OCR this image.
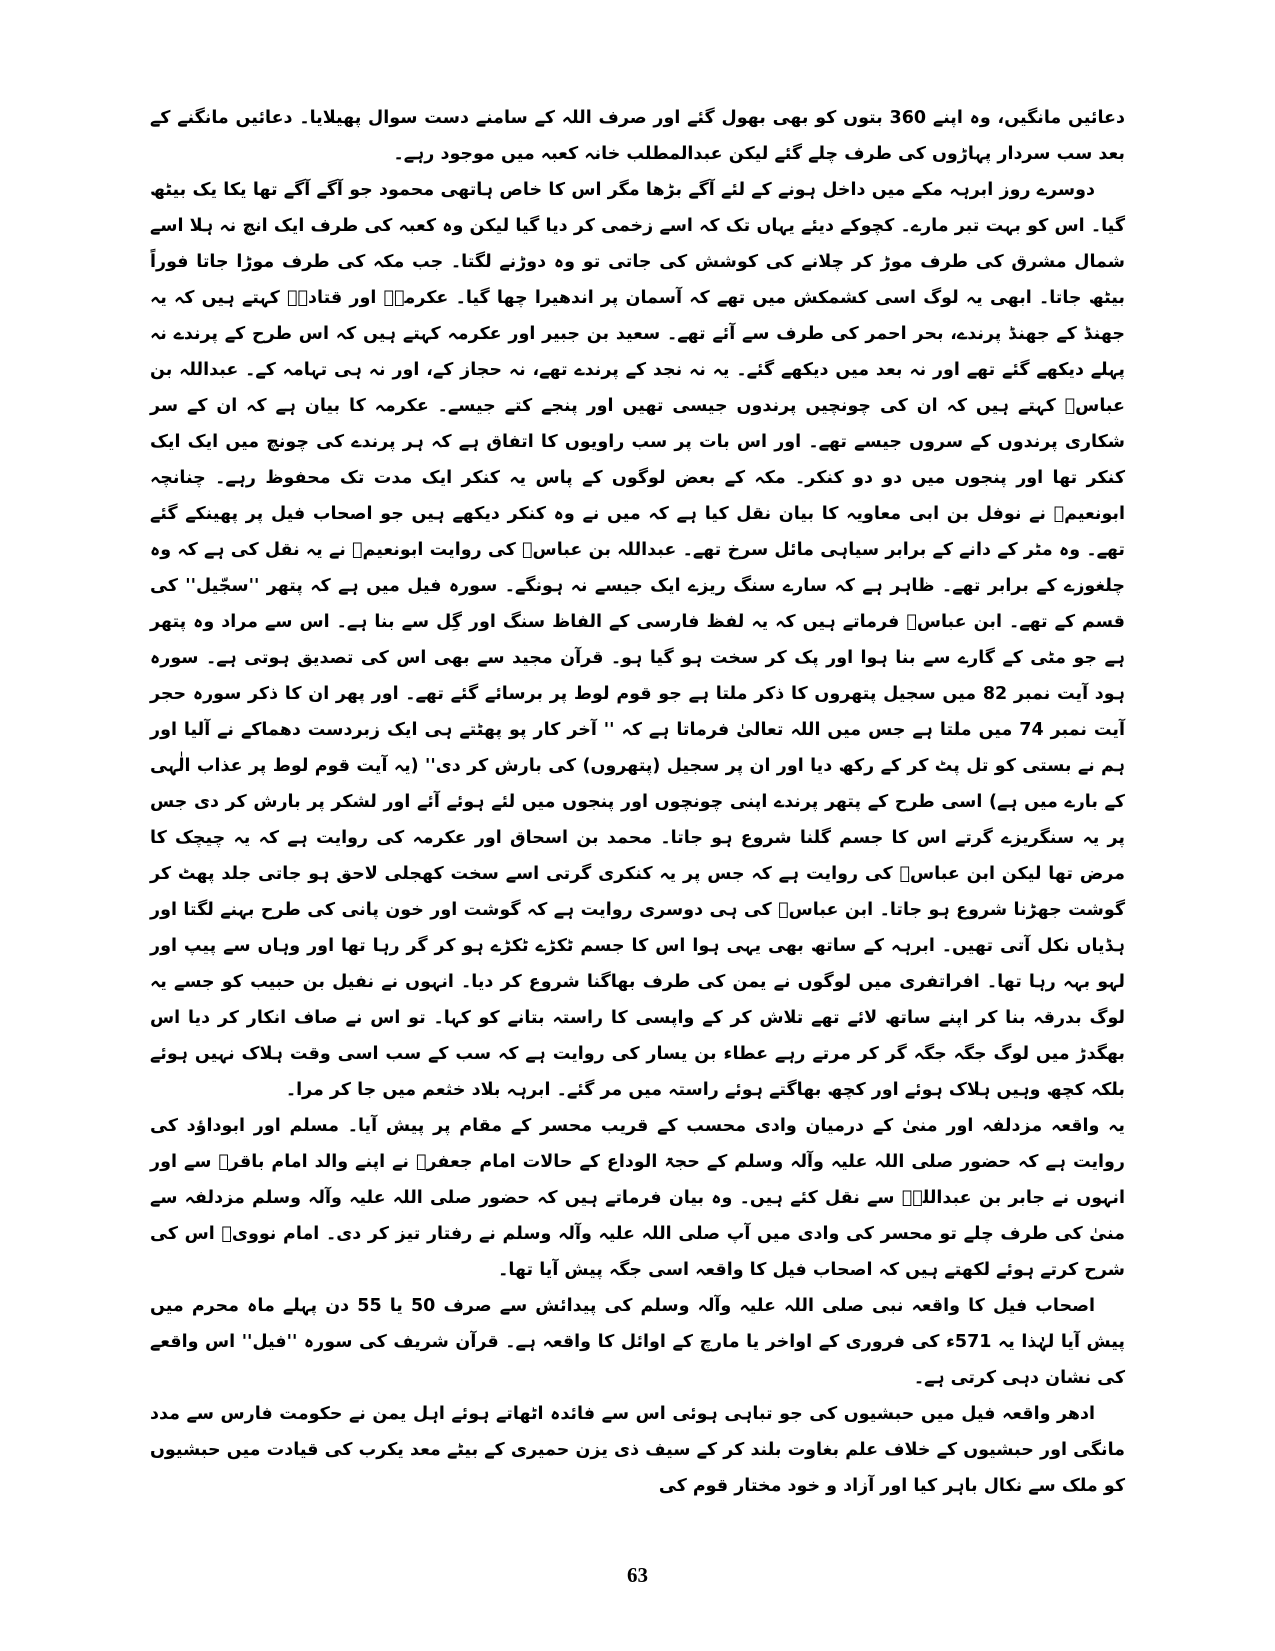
دعائیں مانگیں، وہ اپنے 360 بتوں کو بھی بھول گئے اور صرف اللہ کے سامنے دست سوال پھیلایا۔ دعائیں مانگنے کے بعد سب سردار پہاڑوں کی طرف چلے گئے لیکن عبدالمطلب خانہ کعبہ میں موجود رہے۔

دوسرے روز ابرہہ مکے میں داخل ہونے کے لئے آگے بڑھا مگر اس کا خاص ہاتھی محمود جو آگے آگے تھا یکا یک بیٹھ گیا۔ اس کو بہت تبر مارے۔ کچوکے دیئے یہاں تک کہ اسے زخمی کر دیا گیا لیکن وہ کعبہ کی طرف ایک انچ نہ ہلا اسے شمال مشرق کی طرف موڑ کر چلانے کی کوشش کی جاتی تو وہ دوڑنے لگتا۔ جب مکہ کی طرف موڑا جاتا فوراً بیٹھ جاتا۔ ابھی یہ لوگ اسی کشمکش میں تھے کہ آسمان پر اندھیرا چھا گیا۔ عکرمہؓ اور قتادہؓ کہتے ہیں کہ یہ جھنڈ کے جھنڈ پرندے، بحر احمر کی طرف سے آئے تھے۔ سعید بن جبیر اور عکرمہ کہتے ہیں کہ اس طرح کے پرندے نہ پہلے دیکھے گئے تھے اور نہ بعد میں دیکھے گئے۔ یہ نہ نجد کے پرندے تھے، نہ حجاز کے، اور نہ ہی تہامہ کے۔ عبداللہ بن عباسؓ کہتے ہیں کہ ان کی چونچیں پرندوں جیسی تھیں اور پنجے کتے جیسے۔ عکرمہ کا بیان ہے کہ ان کے سر شکاری پرندوں کے سروں جیسے تھے۔ اور اس بات پر سب راویوں کا اتفاق ہے کہ ہر پرندے کی چونچ میں ایک ایک کنکر تھا اور پنجوں میں دو دو کنکر۔ مکہ کے بعض لوگوں کے پاس یہ کنکر ایک مدت تک محفوظ رہے۔ چنانچہ ابونعیمؒ نے نوفل بن ابی معاویہ کا بیان نقل کیا ہے کہ میں نے وہ کنکر دیکھے ہیں جو اصحاب فیل پر پھینکے گئے تھے۔ وہ مٹر کے دانے کے برابر سیاہی مائل سرخ تھے۔ عبداللہ بن عباسؓ کی روایت ابونعیمؒ نے یہ نقل کی ہے کہ وہ چلغوزے کے برابر تھے۔ ظاہر ہے کہ سارے سنگ ریزے ایک جیسے نہ ہونگے۔ سورہ فیل میں ہے کہ پتھر ''سجّیل'' کی قسم کے تھے۔ ابن عباسؓ فرماتے ہیں کہ یہ لفظ فارسی کے الفاظ سنگ اور گِل سے بنا ہے۔ اس سے مراد وہ پتھر ہے جو مٹی کے گارے سے بنا ہوا اور پک کر سخت ہو گیا ہو۔ قرآن مجید سے بھی اس کی تصدیق ہوتی ہے۔ سورہ ہود آیت نمبر 82 میں سجیل پتھروں کا ذکر ملتا ہے جو قوم لوط پر برسائے گئے تھے۔ اور پھر ان کا ذکر سورہ حجر آیت نمبر 74 میں ملتا ہے جس میں اللہ تعالیٰ فرماتا ہے کہ '' آخر کار پو پھٹتے ہی ایک زبردست دھماکے نے آلیا اور ہم نے بستی کو تل پٹ کر کے رکھ دیا اور ان پر سجیل (پتھروں) کی بارش کر دی'' (یہ آیت قوم لوط پر عذاب الٰہی کے بارے میں ہے) اسی طرح کے پتھر پرندے اپنی چونچوں اور پنجوں میں لئے ہوئے آئے اور لشکر پر بارش کر دی جس پر یہ سنگریزے گرتے اس کا جسم گلنا شروع ہو جاتا۔ محمد بن اسحاق اور عکرمہ کی روایت ہے کہ یہ چیچک کا مرض تھا لیکن ابن عباسؓ کی روایت ہے کہ جس پر یہ کنکری گرتی اسے سخت کھجلی لاحق ہو جاتی جلد پھٹ کر گوشت جھڑنا شروع ہو جاتا۔ ابن عباسؓ کی ہی دوسری روایت ہے کہ گوشت اور خون پانی کی طرح بہنے لگتا اور ہڈیاں نکل آتی تھیں۔ ابرہہ کے ساتھ بھی یہی ہوا اس کا جسم ٹکڑے ٹکڑے ہو کر گر رہا تھا اور وہاں سے پیپ اور لہو بہہ رہا تھا۔ افراتفری میں لوگوں نے یمن کی طرف بھاگنا شروع کر دیا۔ انہوں نے نفیل بن حبیب کو جسے یہ لوگ بدرقہ بنا کر اپنے ساتھ لائے تھے تلاش کر کے واپسی کا راستہ بتانے کو کہا۔ تو اس نے صاف انکار کر دیا اس بھگدڑ میں لوگ جگہ جگہ گر کر مرتے رہے عطاء بن یسار کی روایت ہے کہ سب کے سب اسی وقت ہلاک نہیں ہوئے بلکہ کچھ وہیں ہلاک ہوئے اور کچھ بھاگتے ہوئے راستہ میں مر گئے۔ ابرہہ بلاد خثعم میں جا کر مرا۔

یہ واقعہ مزدلفہ اور منیٰ کے درمیان وادی محسب کے قریب محسر کے مقام پر پیش آیا۔ مسلم اور ابوداؤد کی روایت ہے کہ حضور صلی اللہ علیہ وآلہ وسلم کے حجۃ الوداع کے حالات امام جعفرؒ نے اپنے والد امام باقرؒ سے اور انہوں نے جابر بن عبداللہؓ سے نقل کئے ہیں۔ وہ بیان فرماتے ہیں کہ حضور صلی اللہ علیہ وآلہ وسلم مزدلفہ سے منیٰ کی طرف چلے تو محسر کی وادی میں آپ صلی اللہ علیہ وآلہ وسلم نے رفتار تیز کر دی۔ امام نوویؒ اس کی شرح کرتے ہوئے لکھتے ہیں کہ اصحاب فیل کا واقعہ اسی جگہ پیش آیا تھا۔

اصحاب فیل کا واقعہ نبی صلی اللہ علیہ وآلہ وسلم کی پیدائش سے صرف 50 یا 55 دن پہلے ماہ محرم میں پیش آیا لہٰذا یہ 571ء کی فروری کے اواخر یا مارچ کے اوائل کا واقعہ ہے۔ قرآن شریف کی سورہ ''فیل'' اس واقعے کی نشان دہی کرتی ہے۔

ادھر واقعہ فیل میں حبشیوں کی جو تباہی ہوئی اس سے فائدہ اٹھاتے ہوئے اہل یمن نے حکومت فارس سے مدد مانگی اور حبشیوں کے خلاف علم بغاوت بلند کر کے سیف ذی یزن حمیری کے بیٹے معد یکرب کی قیادت میں حبشیوں کو ملک سے نکال باہر کیا اور آزاد و خود مختار قوم کی

63
